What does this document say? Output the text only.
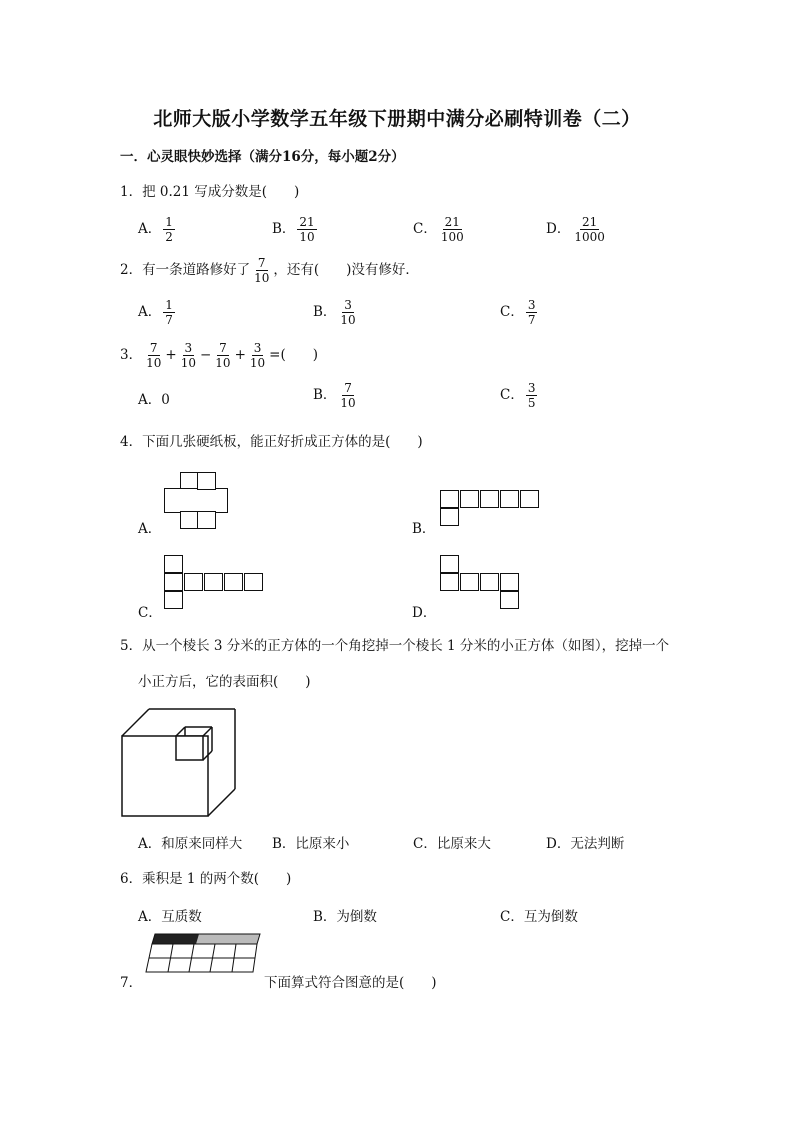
北师大版小学数学五年级下册期中满分必刷特训卷（二）
一．心灵眼快妙选择（满分16分，每小题2分）
1．把 0.21 写成分数是(　　)
A． $\frac{1}{2}$	B． $\frac{21}{10}$	C． $\frac{21}{100}$	D． $\frac{21}{1000}$
2．有一条道路修好了 $\frac{7}{10}$ ，还有(　　)没有修好．
A． $\frac{1}{7}$	B． $\frac{3}{10}$	C． $\frac{3}{7}$
3． $\frac{7}{10} + \frac{3}{10} - \frac{7}{10} + \frac{3}{10}$ =(　　)
A．0	B． $\frac{7}{10}$	C． $\frac{3}{5}$
4．下面几张硬纸板，能正好折成正方体的是(　　)
A．	B．
C．	D．
5．从一个棱长 3 分米的正方体的一个角挖掉一个棱长 1 分米的小正方体（如图），挖掉一个
小正方后，它的表面积(　　)
A．和原来同样大 B．比原来小	C．比原来大	D．无法判断
6．乘积是 1 的两个数(　　)
A．互质数	B．为倒数	C．互为倒数
7．	下面算式符合图意的是(　　)
